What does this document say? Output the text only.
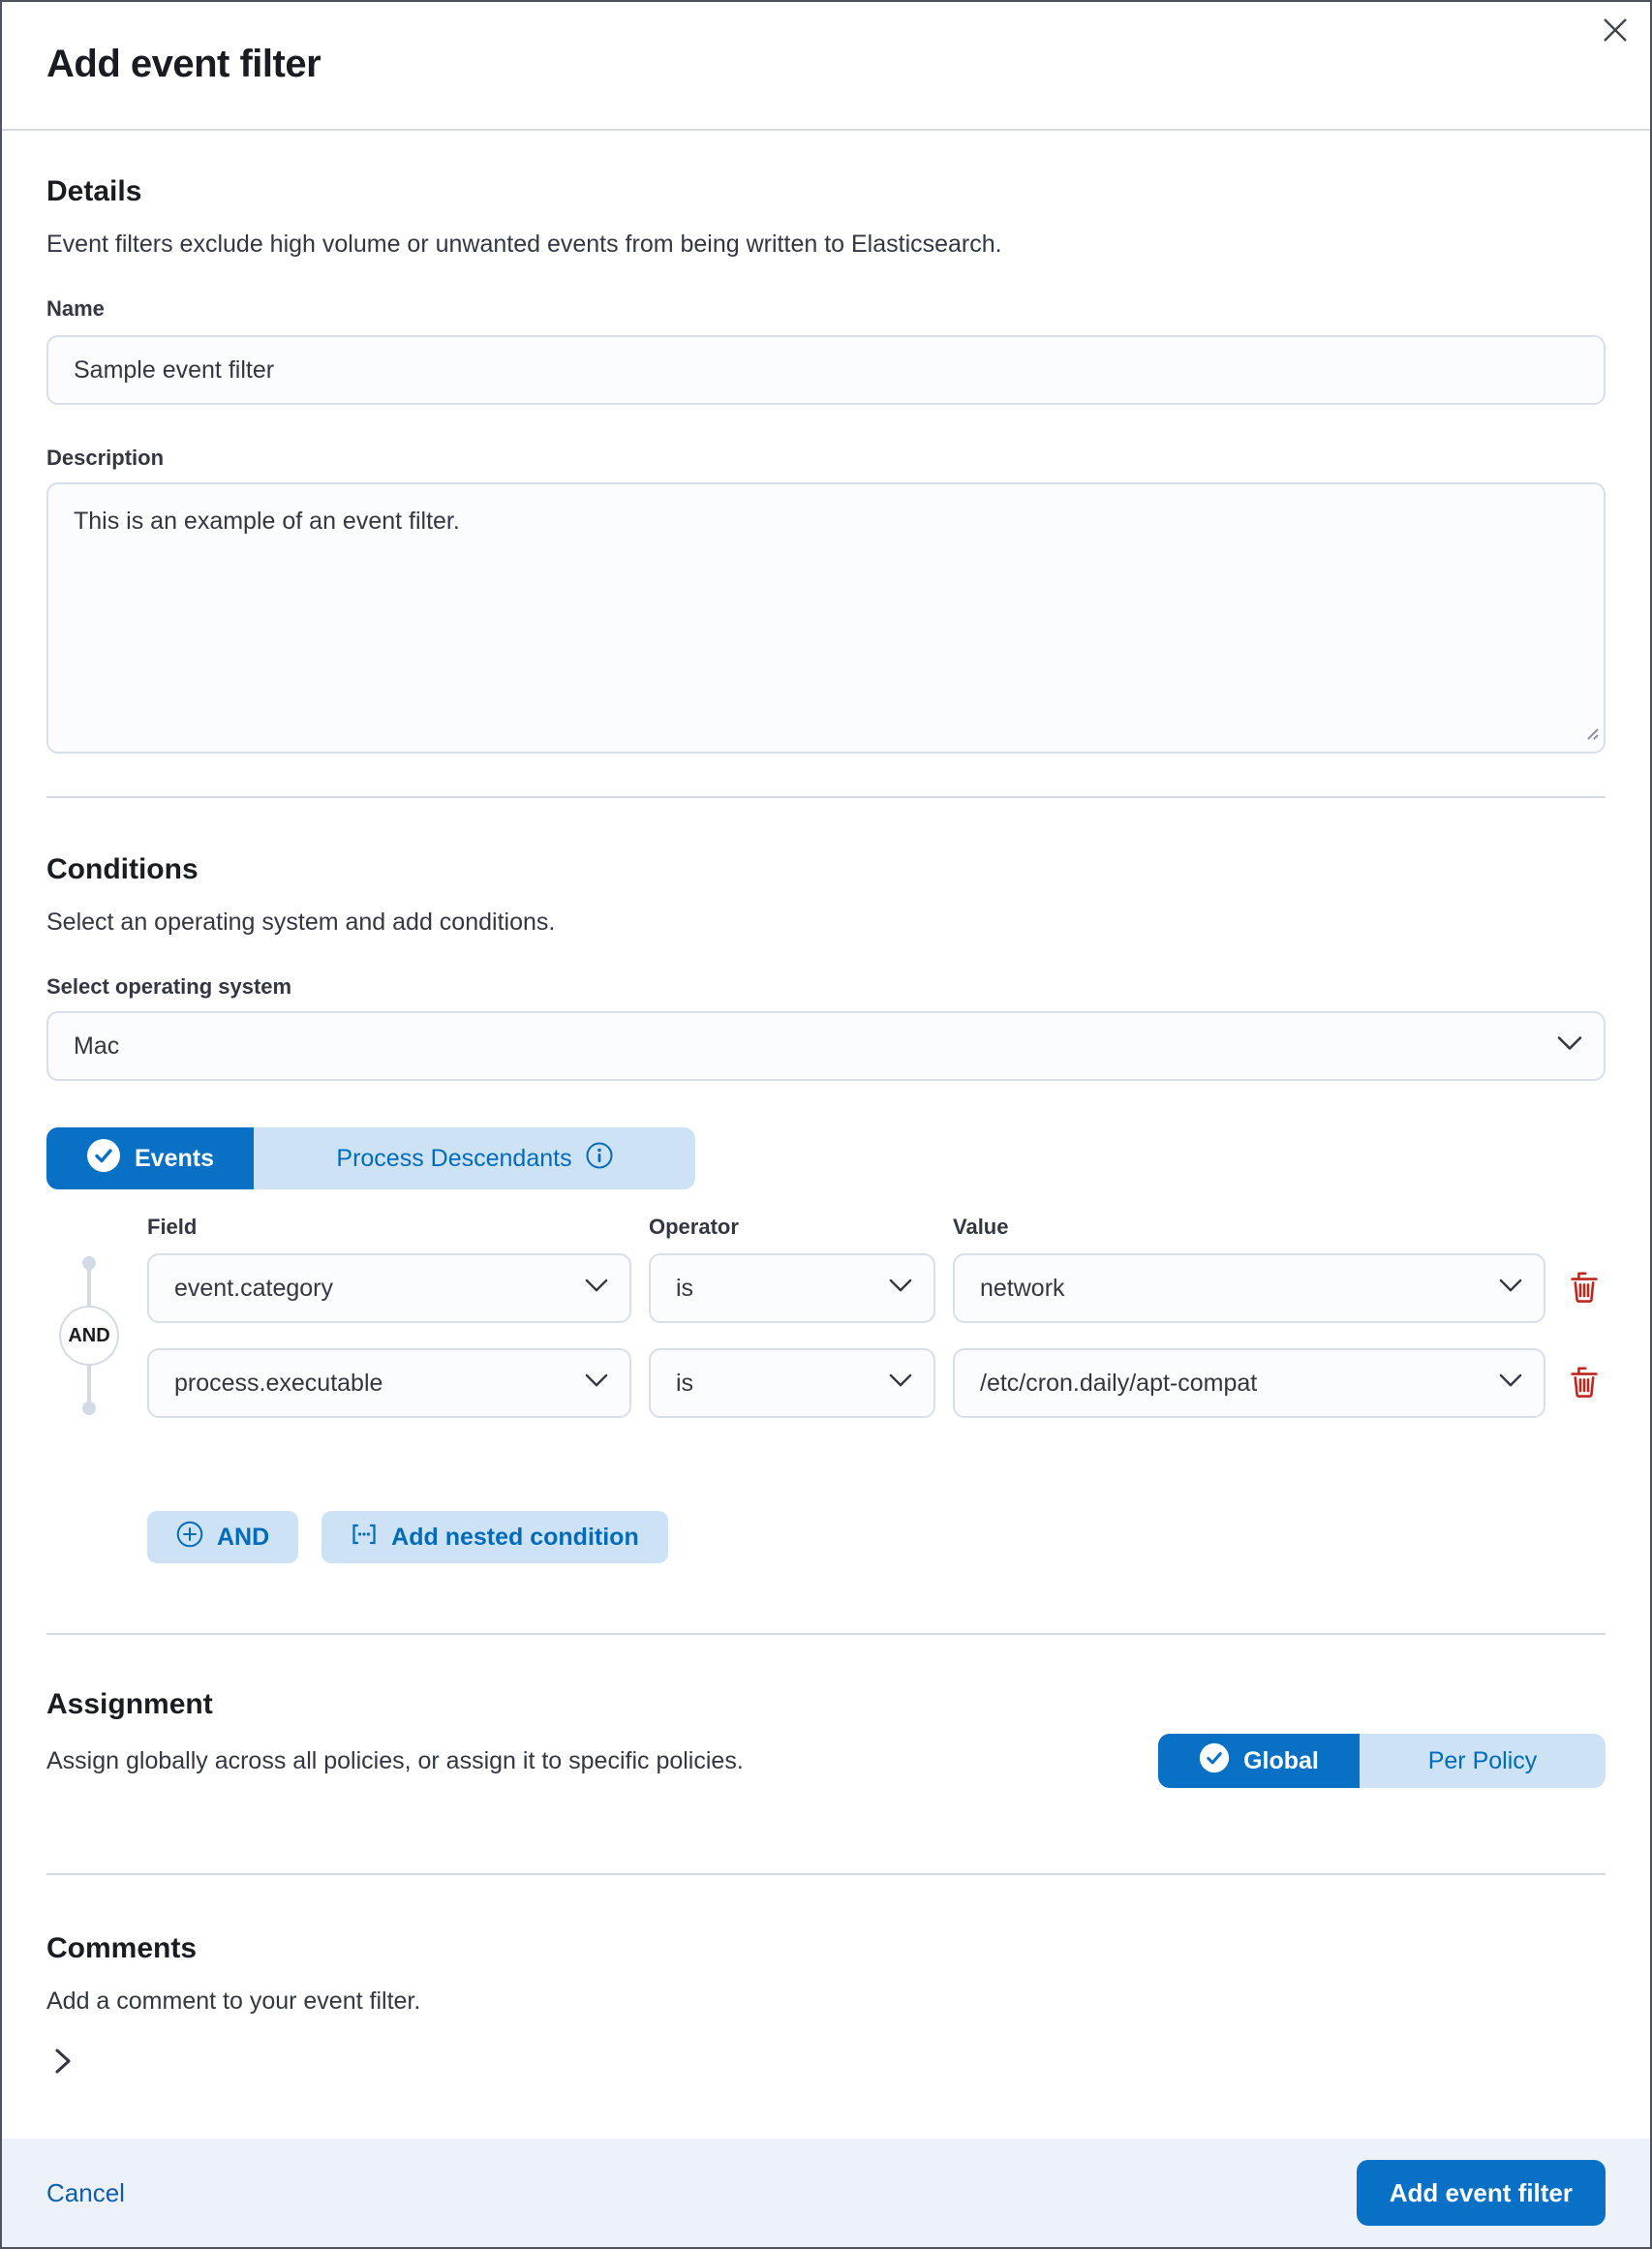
Add event filter
Details

Event filters exclude high volume or unwanted events from being written to Elasticsearch.

Name
Sample event filter
Description
This is an example of an event filter.
Conditions

Select an operating system and add conditions.

Select operating system
Mac
Events	Process Descendants
Field	Operator	Value
AND
event.category	is	network
process.executable	is	/etc/cron.daily/apt-compat
AND	Add nested condition
Assignment

Assign globally across all policies, or assign it to specific policies.	Global	Per Policy
Comments

Add a comment to your event filter.

Cancel	Add event filter
